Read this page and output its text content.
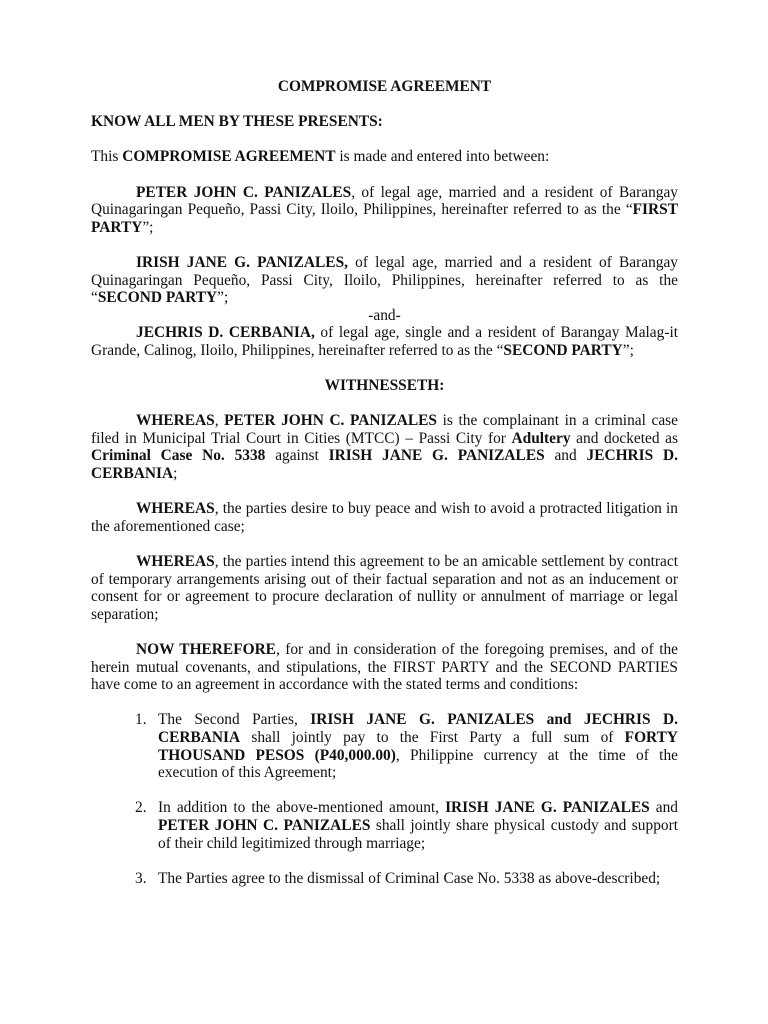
COMPROMISE AGREEMENT

KNOW ALL MEN BY THESE PRESENTS:

This COMPROMISE AGREEMENT is made and entered into between:

PETER JOHN C. PANIZALES, of legal age, married and a resident of Barangay Quinagaringan Pequeño, Passi City, Iloilo, Philippines, hereinafter referred to as the “FIRST PARTY”;

IRISH JANE G. PANIZALES, of legal age, married and a resident of Barangay Quinagaringan Pequeño, Passi City, Iloilo, Philippines, hereinafter referred to as the “SECOND PARTY”;

-and-

JECHRIS D. CERBANIA, of legal age, single and a resident of Barangay Malag-it Grande, Calinog, Iloilo, Philippines, hereinafter referred to as the “SECOND PARTY”;

WITHNESSETH:

WHEREAS, PETER JOHN C. PANIZALES is the complainant in a criminal case filed in Municipal Trial Court in Cities (MTCC) – Passi City for Adultery and docketed as Criminal Case No. 5338 against IRISH JANE G. PANIZALES and JECHRIS D. CERBANIA;

WHEREAS, the parties desire to buy peace and wish to avoid a protracted litigation in the aforementioned case;

WHEREAS, the parties intend this agreement to be an amicable settlement by contract of temporary arrangements arising out of their factual separation and not as an inducement or consent for or agreement to procure declaration of nullity or annulment of marriage or legal separation;

NOW THEREFORE, for and in consideration of the foregoing premises, and of the herein mutual covenants, and stipulations, the FIRST PARTY and the SECOND PARTIES have come to an agreement in accordance with the stated terms and conditions:

1. The Second Parties, IRISH JANE G. PANIZALES and JECHRIS D. CERBANIA shall jointly pay to the First Party a full sum of FORTY THOUSAND PESOS (P40,000.00), Philippine currency at the time of the execution of this Agreement;
2. In addition to the above-mentioned amount, IRISH JANE G. PANIZALES and PETER JOHN C. PANIZALES shall jointly share physical custody and support of their child legitimized through marriage;
3. The Parties agree to the dismissal of Criminal Case No. 5338 as above-described;
